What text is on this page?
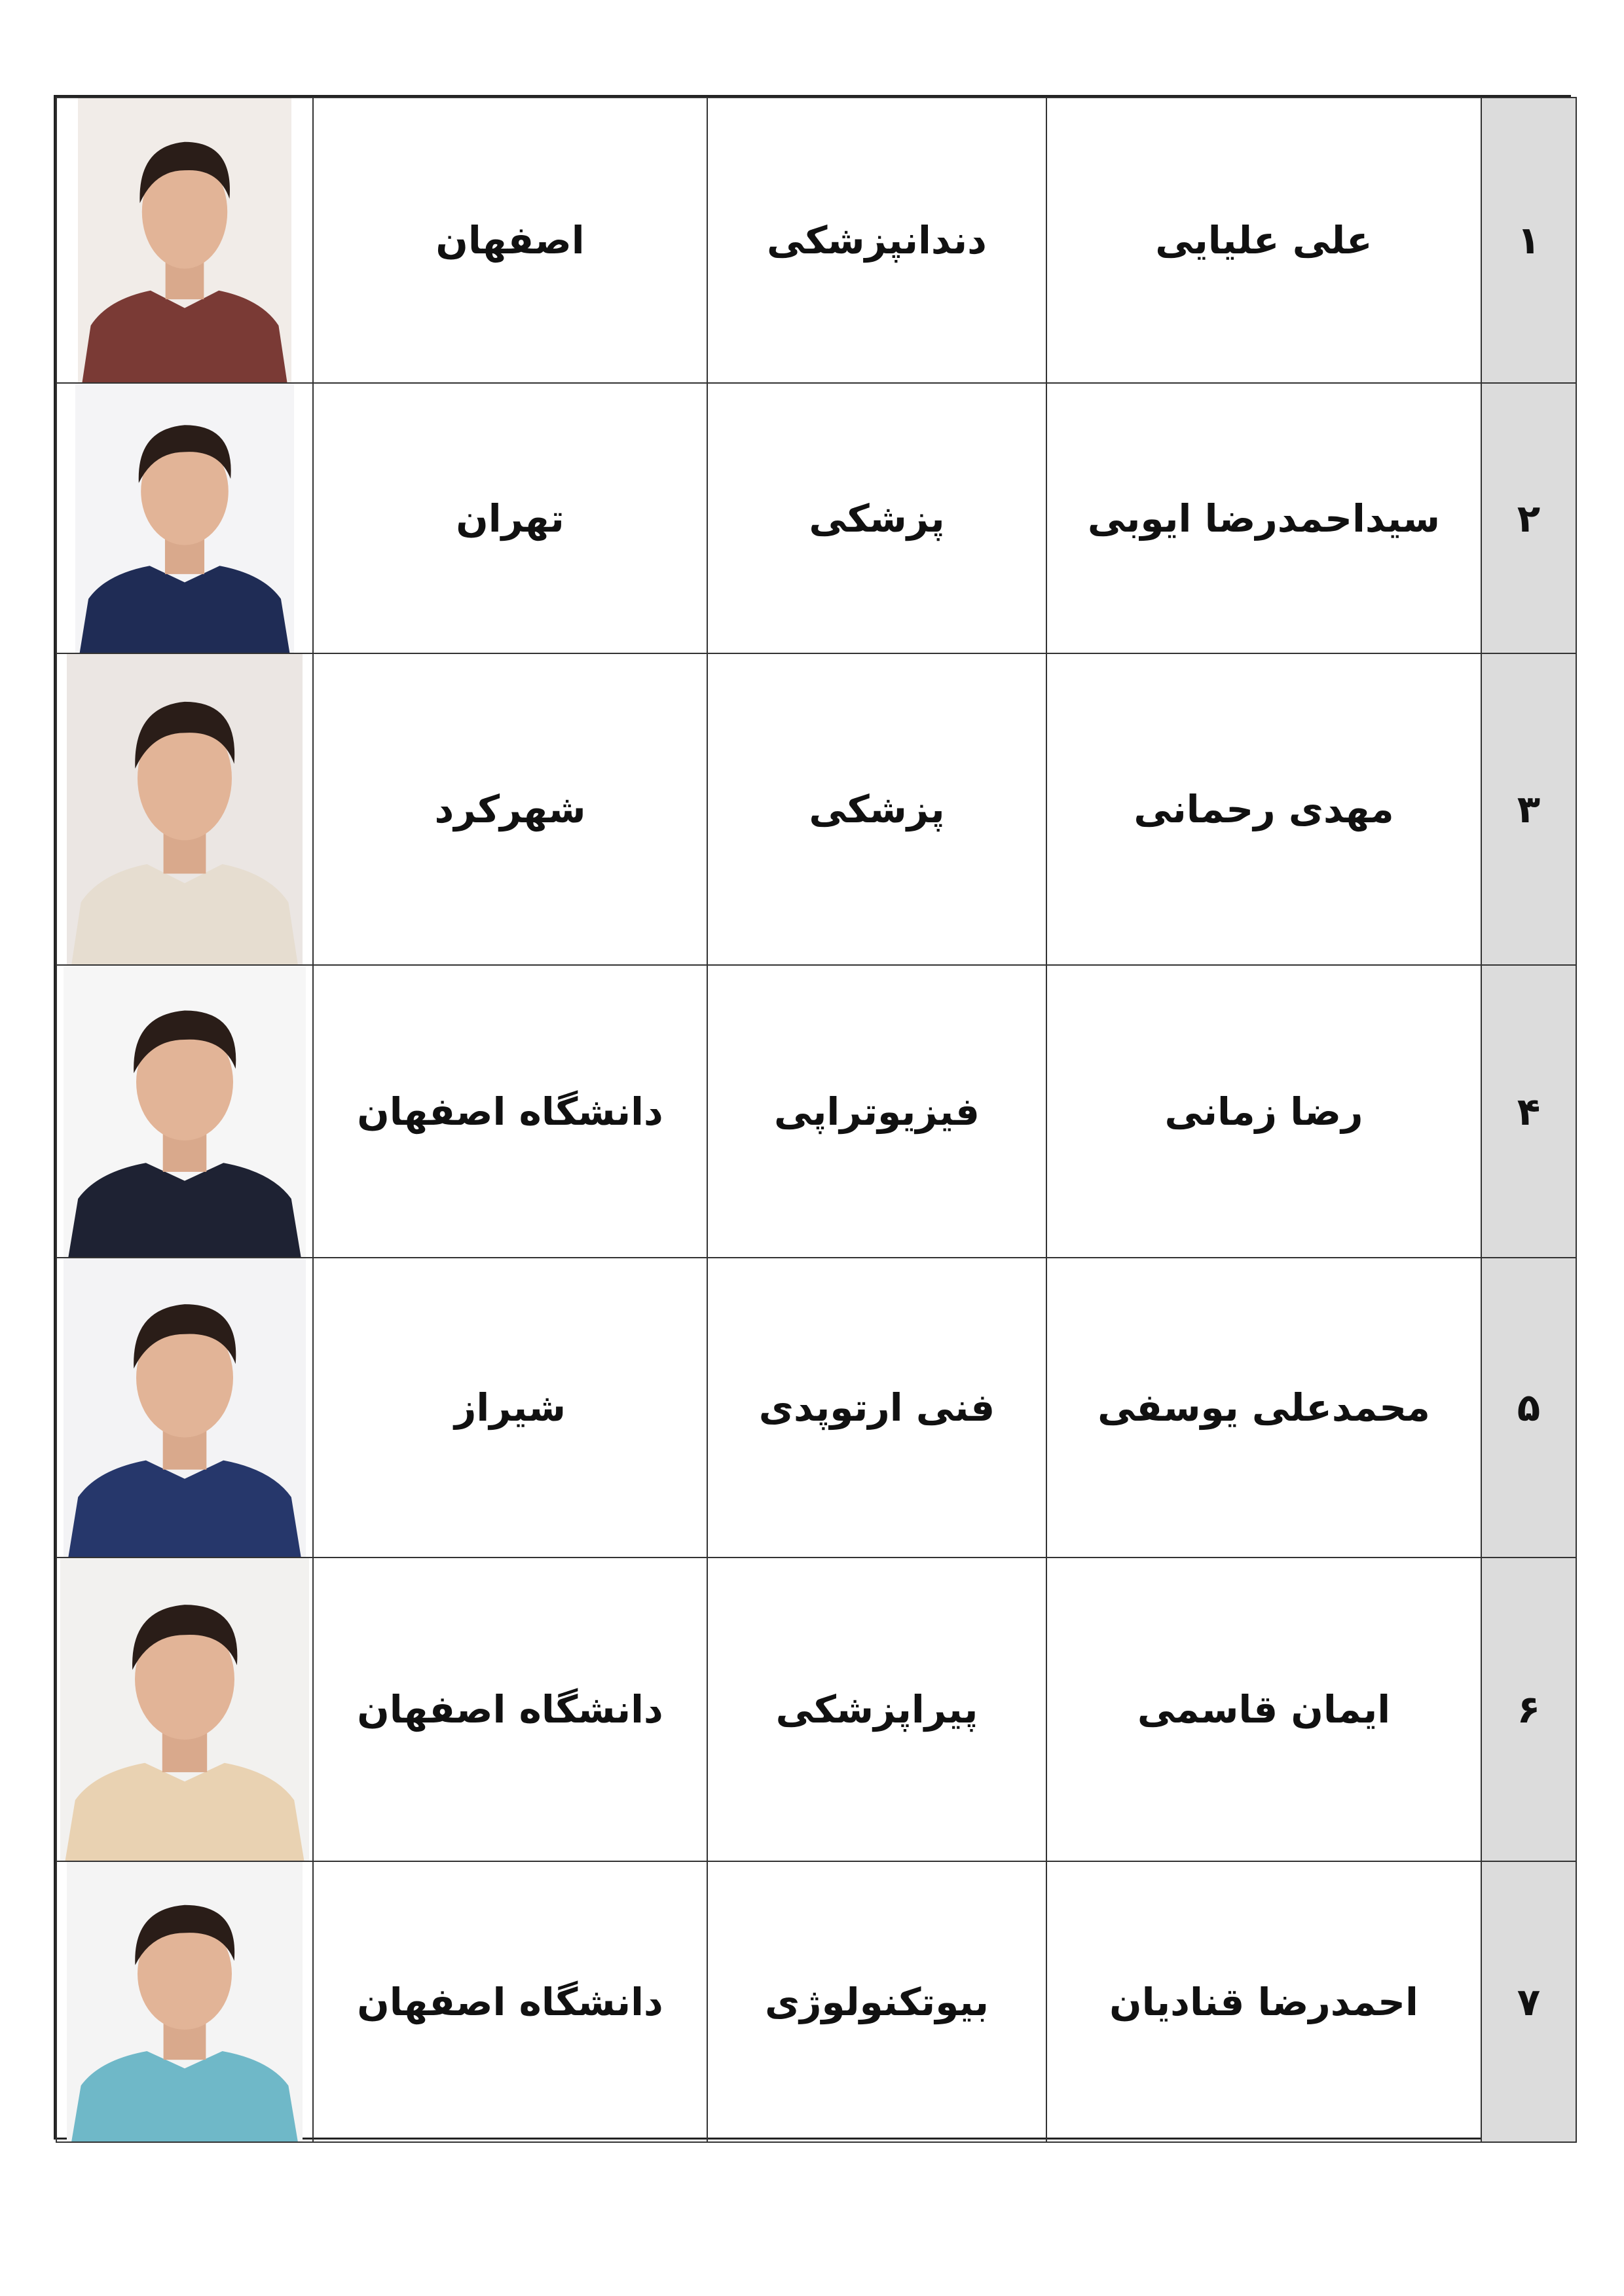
	اصفهان	دندانپزشکی	علی علیایی	۱

	تهران	پزشکی	سیداحمدرضا ایوبی	۲

	شهرکرد	پزشکی	مهدی رحمانی	۳

	دانشگاه اصفهان	فیزیوتراپی	رضا زمانی	۴

	شیراز	فنی ارتوپدی	محمدعلی یوسفی	۵

	دانشگاه اصفهان	پیراپزشکی	ایمان قاسمی	۶

	دانشگاه اصفهان	بیوتکنولوژی	احمدرضا قنادیان	۷
